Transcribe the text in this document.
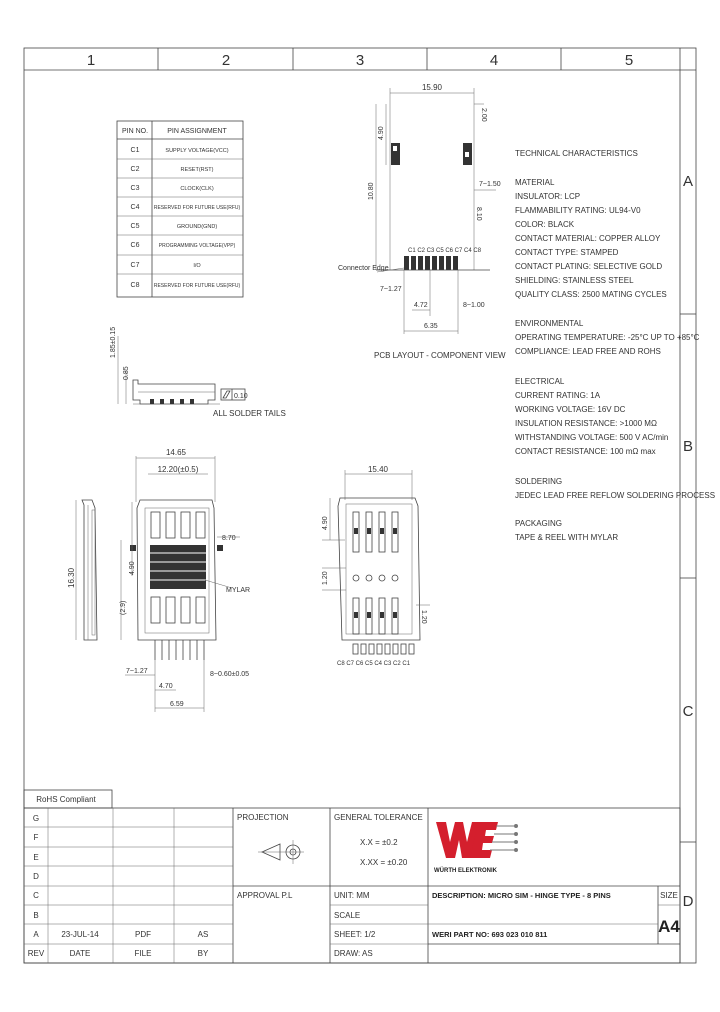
1	2	3	4	5
A
B
C
D
PIN NO.	PIN ASSIGNMENT
C1	SUPPLY VOLTAGE(VCC)
C2	RESET(RST)
C3	CLOCK(CLK)
C4	RESERVED FOR FUTURE USE(RFU)
C5	GROUND(GND)
C6	PROGRAMMING VOLTAGE(VPP)
C7	I/O
C8	RESERVED FOR FUTURE USE(RFU)
1.85±0.15
0.85
0.10
ALL SOLDER TAILS
15.90
2.00
4.90
10.80	7~1.50
8.10
C1 C2 C3 C5 C6 C7 C4 C8
Connector Edge
7~1.27
4.72	8~1.00
6.35
PCB LAYOUT - COMPONENT VIEW
TECHNICAL CHARACTERISTICS
MATERIAL
INSULATOR: LCP
FLAMMABILITY RATING: UL94-V0
COLOR: BLACK
CONTACT MATERIAL: COPPER ALLOY
CONTACT TYPE: STAMPED
CONTACT PLATING: SELECTIVE GOLD
SHIELDING: STAINLESS STEEL
QUALITY CLASS: 2500 MATING CYCLES
ENVIRONMENTAL
OPERATING TEMPERATURE: -25°C UP TO +85°C
COMPLIANCE: LEAD FREE AND ROHS
ELECTRICAL
CURRENT RATING: 1A
WORKING VOLTAGE: 16V DC
INSULATION RESISTANCE: >1000 MΩ
WITHSTANDING VOLTAGE: 500 V AC/min
CONTACT RESISTANCE: 100 mΩ max
SOLDERING
JEDEC LEAD FREE REFLOW SOLDERING PROCESS
PACKAGING
TAPE & REEL WITH MYLAR
14.65
12.20(±0.5)
8.70
MYLAR
4.90
(2.9)
7~1.27
4.70
8~0.60±0.05
6.59
16.30
15.40
4.90
1.20
1.20
C8 C7 C6 C5 C4 C3 C2 C1
RoHS Compliant
G
F
E
D
C
B
A	23-JUL-14	PDF	AS
REV	DATE	FILE	BY
PROJECTION
APPROVAL P.L
GENERAL TOLERANCE
X.X = ±0.2
X.XX = ±0.20
UNIT: MM
SCALE
SHEET: 1/2
DRAW: AS
WÜRTH ELEKTRONIK
DESCRIPTION: MICRO SIM - HINGE TYPE - 8 PINS
WERI PART NO: 693 023 010 811
SIZE
A4
